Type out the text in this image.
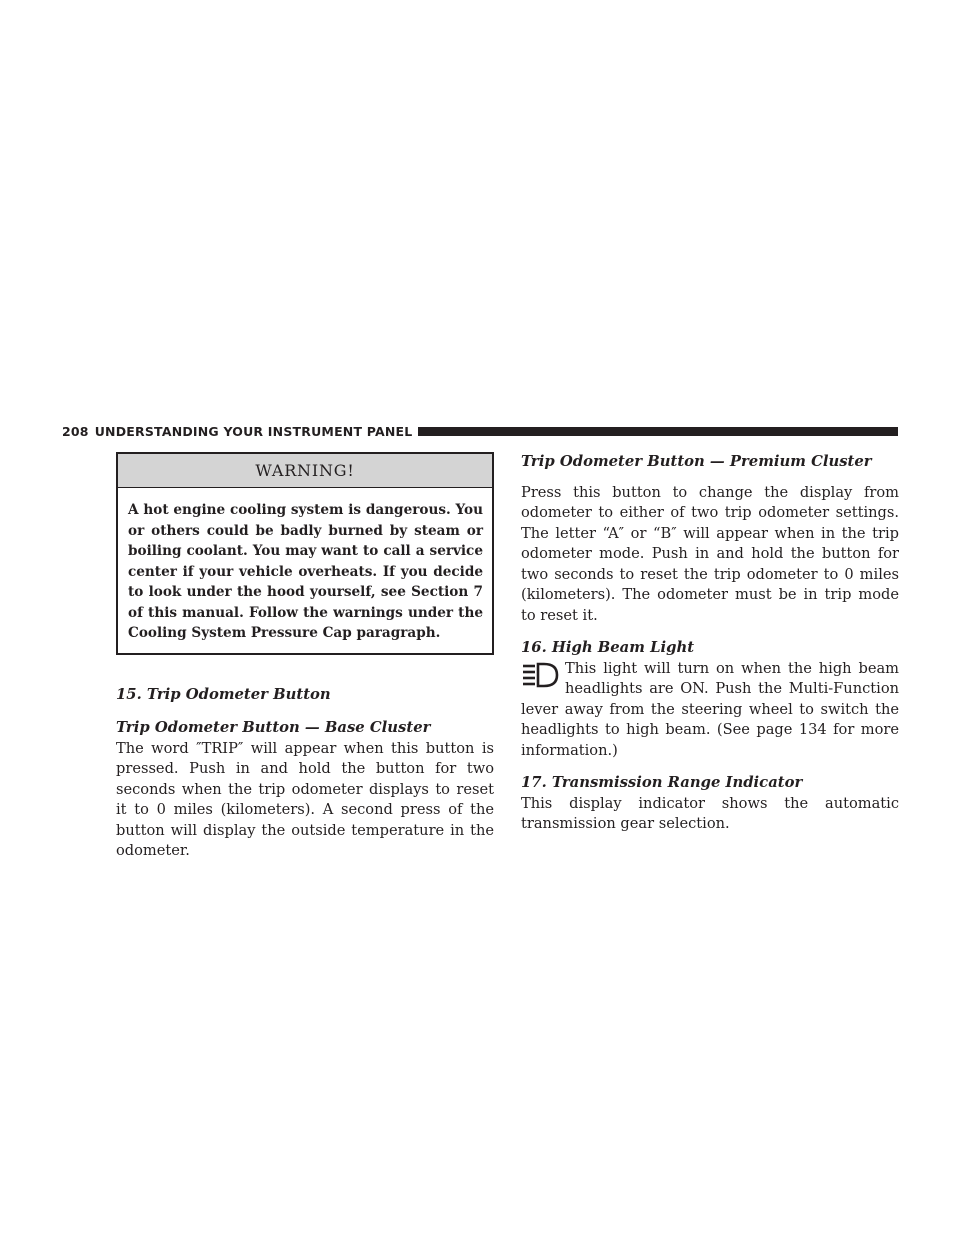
208 UNDERSTANDING YOUR INSTRUMENT PANEL
WARNING!
A hot engine cooling system is dangerous. You or others could be badly burned by steam or boiling coolant. You may want to call a service center if your vehicle overheats. If you decide to look under the hood yourself, see Section 7 of this manual. Follow the warnings under the Cooling System Pressure Cap paragraph.

15. Trip Odometer Button

Trip Odometer Button — Base Cluster

The word ″TRIP″ will appear when this button is pressed. Push in and hold the button for two seconds when the trip odometer displays to reset it to 0 miles (kilometers). A second press of the button will display the outside temperature in the odometer.

Trip Odometer Button — Premium Cluster

Press this button to change the display from odometer to either of two trip odometer settings. The letter “A″ or “B″ will appear when in the trip odometer mode. Push in and hold the button for two seconds to reset the trip odometer to 0 miles (kilometers). The odometer must be in trip mode to reset it.

16. High Beam Light

This light will turn on when the high beam headlights are ON. Push the Multi-Function lever away from the steering wheel to switch the headlights to high beam. (See page 134 for more information.)

17. Transmission Range Indicator

This display indicator shows the automatic transmission gear selection.
